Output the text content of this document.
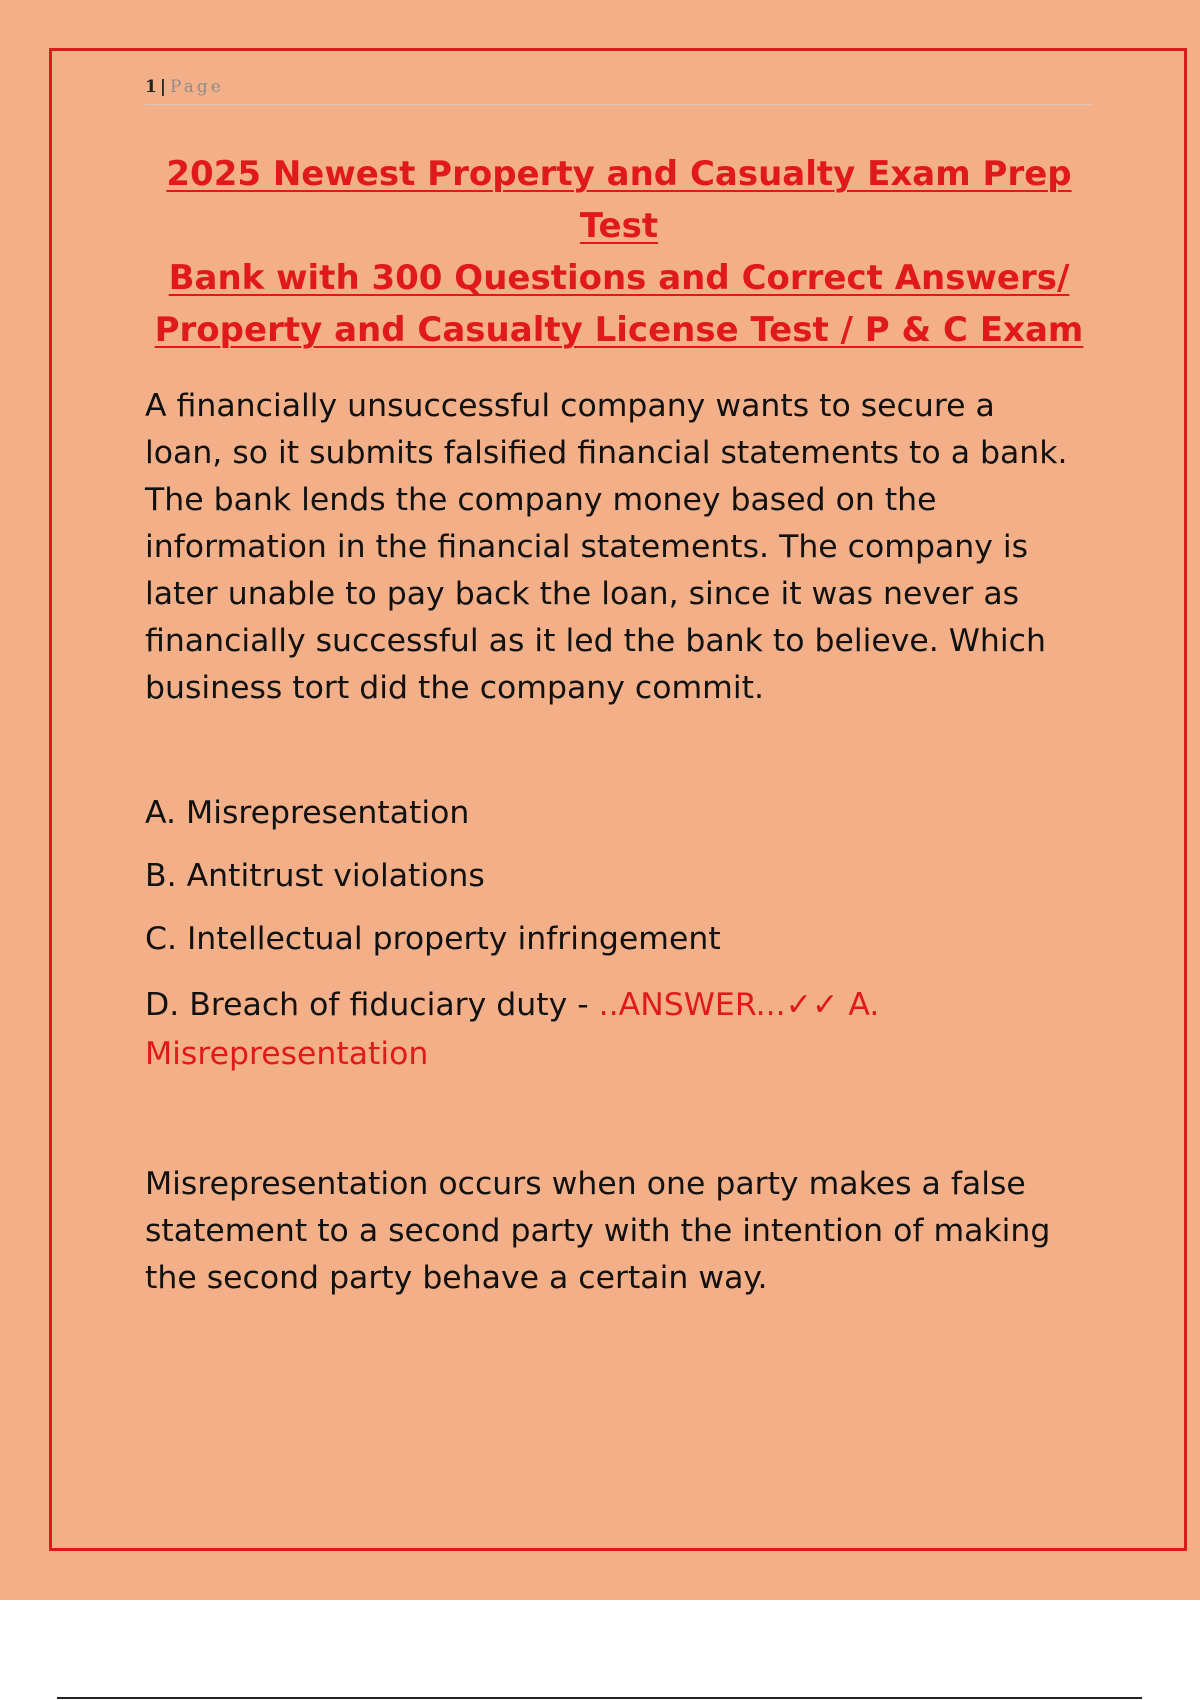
1 | Page
2025 Newest Property and Casualty Exam Prep Test
Bank with 300 Questions and Correct Answers/
Property and Casualty License Test / P & C Exam

A financially unsuccessful company wants to secure a
loan, so it submits falsified financial statements to a bank.
The bank lends the company money based on the
information in the financial statements. The company is
later unable to pay back the loan, since it was never as
financially successful as it led the bank to believe. Which
business tort did the company commit.

A. Misrepresentation
B. Antitrust violations
C. Intellectual property infringement
D. Breach of fiduciary duty - ..ANSWER...✓✓ A.
Misrepresentation

Misrepresentation occurs when one party makes a false
statement to a second party with the intention of making
the second party behave a certain way.
